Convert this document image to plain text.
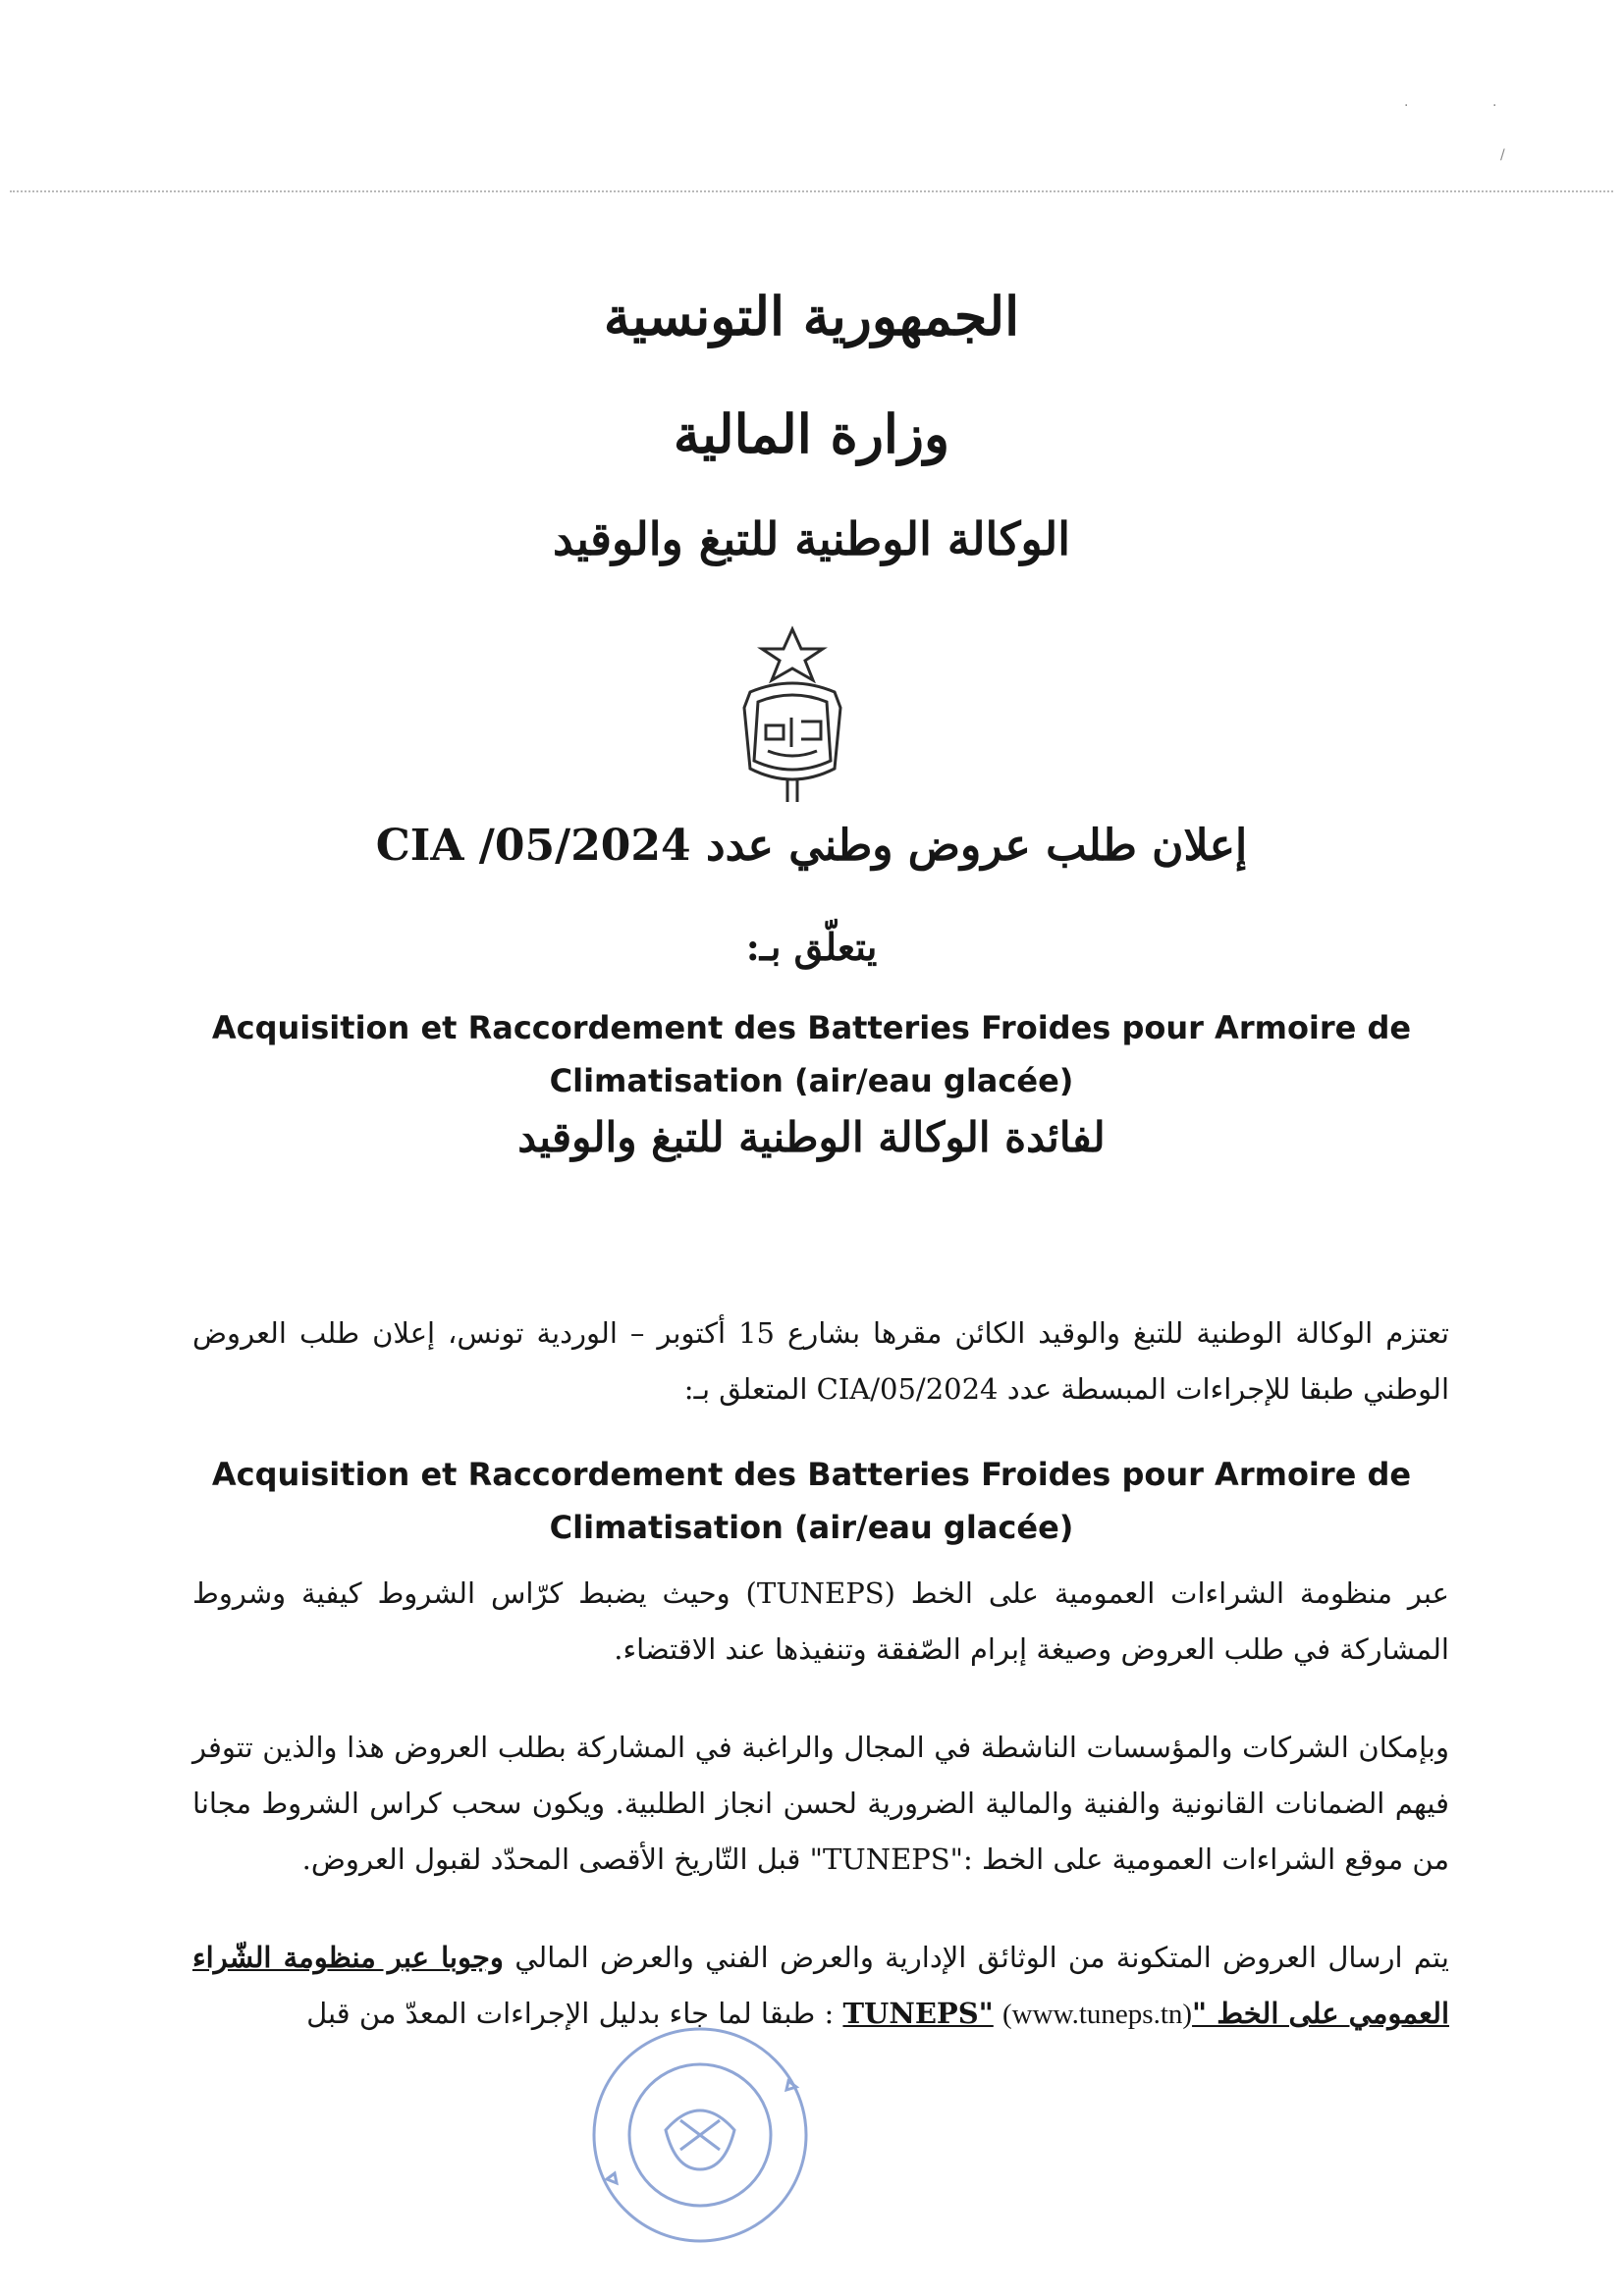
·	·
/
الجمهورية التونسية
وزارة المالية
الوكالة الوطنية للتبغ والوقيد
إعلان طلب عروض وطني عدد 2024/CIA /05
يتعلّق بـ:
Acquisition et Raccordement des Batteries Froides pour Armoire de
Climatisation (air/eau glacée)
لفائدة الوكالة الوطنية للتبغ والوقيد
تعتزم الوكالة الوطنية للتبغ والوقيد الكائن مقرها بشارع 15 أكتوبر – الوردية تونس، إعلان طلب العروض الوطني طبقا للإجراءات المبسطة عدد 2024/CIA/05 المتعلق بـ:
Acquisition et Raccordement des Batteries Froides pour Armoire de
Climatisation (air/eau glacée)
عبر منظومة الشراءات العمومية على الخط (TUNEPS) وحيث يضبط كرّاس الشروط كيفية وشروط المشاركة في طلب العروض وصيغة إبرام الصّفقة وتنفيذها عند الاقتضاء.
وبإمكان الشركات والمؤسسات الناشطة في المجال والراغبة في المشاركة بطلب العروض هذا والذين تتوفر فيهم الضمانات القانونية والفنية والمالية الضرورية لحسن انجاز الطلبية. ويكون سحب كراس الشروط مجانا من موقع الشراءات العمومية على الخط :"TUNEPS" قبل التّاريخ الأقصى المحدّد لقبول العروض.
يتم ارسال العروض المتكونة من الوثائق الإدارية والعرض الفني والعرض المالي وجوبا عبر منظومة الشّراء العمومي على الخط "TUNEPS" (www.tuneps.tn) : طبقا لما جاء بدليل الإجراءات المعدّ من قبل
